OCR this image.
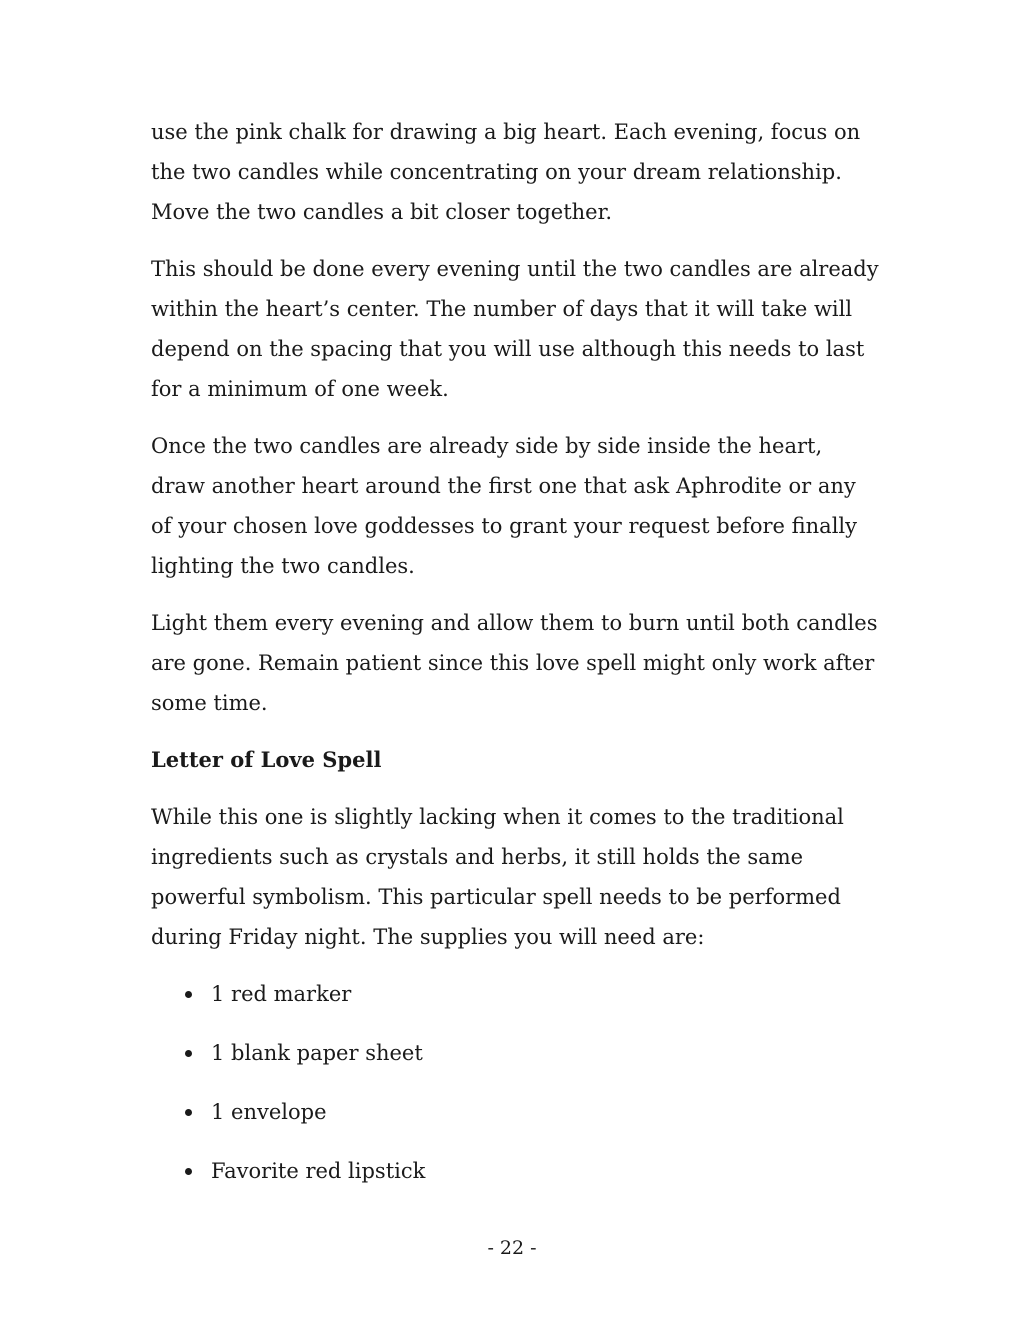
use the pink chalk for drawing a big heart. Each evening, focus on the two candles while concentrating on your dream relationship. Move the two candles a bit closer together.

This should be done every evening until the two candles are already within the heart’s center. The number of days that it will take will depend on the spacing that you will use although this needs to last for a minimum of one week.

Once the two candles are already side by side inside the heart, draw another heart around the first one that ask Aphrodite or any of your chosen love goddesses to grant your request before finally lighting the two candles.

Light them every evening and allow them to burn until both candles are gone. Remain patient since this love spell might only work after some time.

Letter of Love Spell

While this one is slightly lacking when it comes to the traditional ingredients such as crystals and herbs, it still holds the same powerful symbolism. This particular spell needs to be performed during Friday night. The supplies you will need are:

1 red marker
1 blank paper sheet
1 envelope
Favorite red lipstick
- 22 -
